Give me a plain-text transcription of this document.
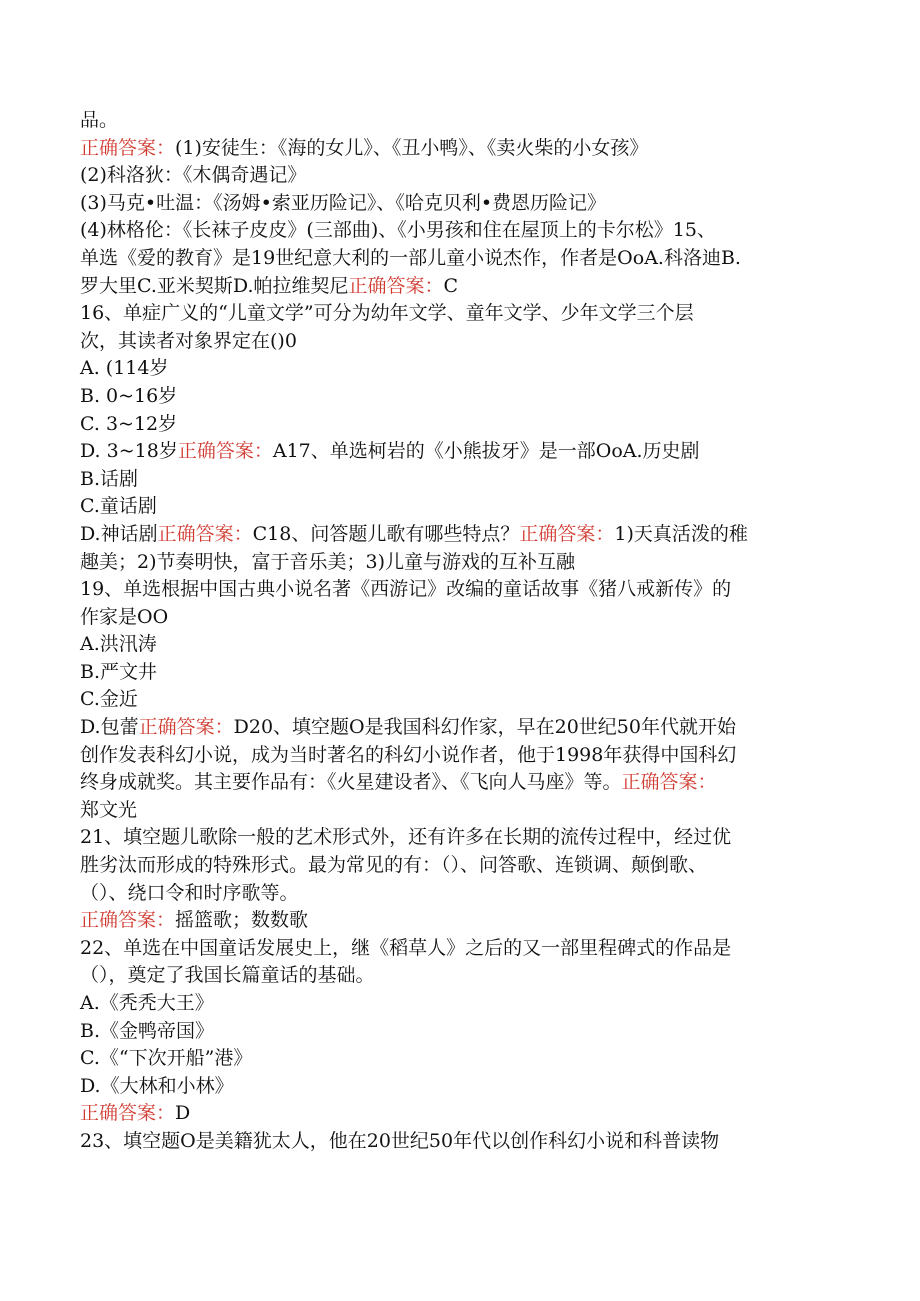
品。
正确答案：(1)安徒生：《海的女儿》、《丑小鸭》、《卖火柴的小女孩》
(2)科洛狄：《木偶奇遇记》
(3)马克•吐温：《汤姆•索亚历险记》、《哈克贝利•费恩历险记》
(4)林格伦：《长袜子皮皮》(三部曲)、《小男孩和住在屋顶上的卡尔松》15、
单选《爱的教育》是19世纪意大利的一部儿童小说杰作，作者是OoA.科洛迪B.
罗大里C.亚米契斯D.帕拉维契尼正确答案：C
16、单症广义的“儿童文学”可分为幼年文学、童年文学、少年文学三个层
次，其读者对象界定在()0
A. (114岁
B. 0~16岁
C. 3~12岁
D. 3~18岁正确答案：A17、单选柯岩的《小熊拔牙》是一部OoA.历史剧
B.话剧
C.童话剧
D.神话剧正确答案：C18、问答题儿歌有哪些特点？正确答案：1)天真活泼的稚
趣美；2)节奏明快，富于音乐美；3)儿童与游戏的互补互融
19、单选根据中国古典小说名著《西游记》改编的童话故事《猪八戒新传》的
作家是OO
A.洪汛涛
B.严文井
C.金近
D.包蕾正确答案：D20、填空题O是我国科幻作家，早在20世纪50年代就开始
创作发表科幻小说，成为当时著名的科幻小说作者，他于1998年获得中国科幻
终身成就奖。其主要作品有：《火星建设者》、《飞向人马座》等。正确答案：
郑文光
21、填空题儿歌除一般的艺术形式外，还有许多在长期的流传过程中，经过优
胜劣汰而形成的特殊形式。最为常见的有：（）、问答歌、连锁调、颠倒歌、
（）、绕口令和时序歌等。
正确答案：摇篮歌；数数歌
22、单选在中国童话发展史上，继《稻草人》之后的又一部里程碑式的作品是
（），奠定了我国长篇童话的基础。
A.《秃秃大王》
B.《金鸭帝国》
C.《“下次开船”港》
D.《大林和小林》
正确答案：D
23、填空题O是美籍犹太人，他在20世纪50年代以创作科幻小说和科普读物
